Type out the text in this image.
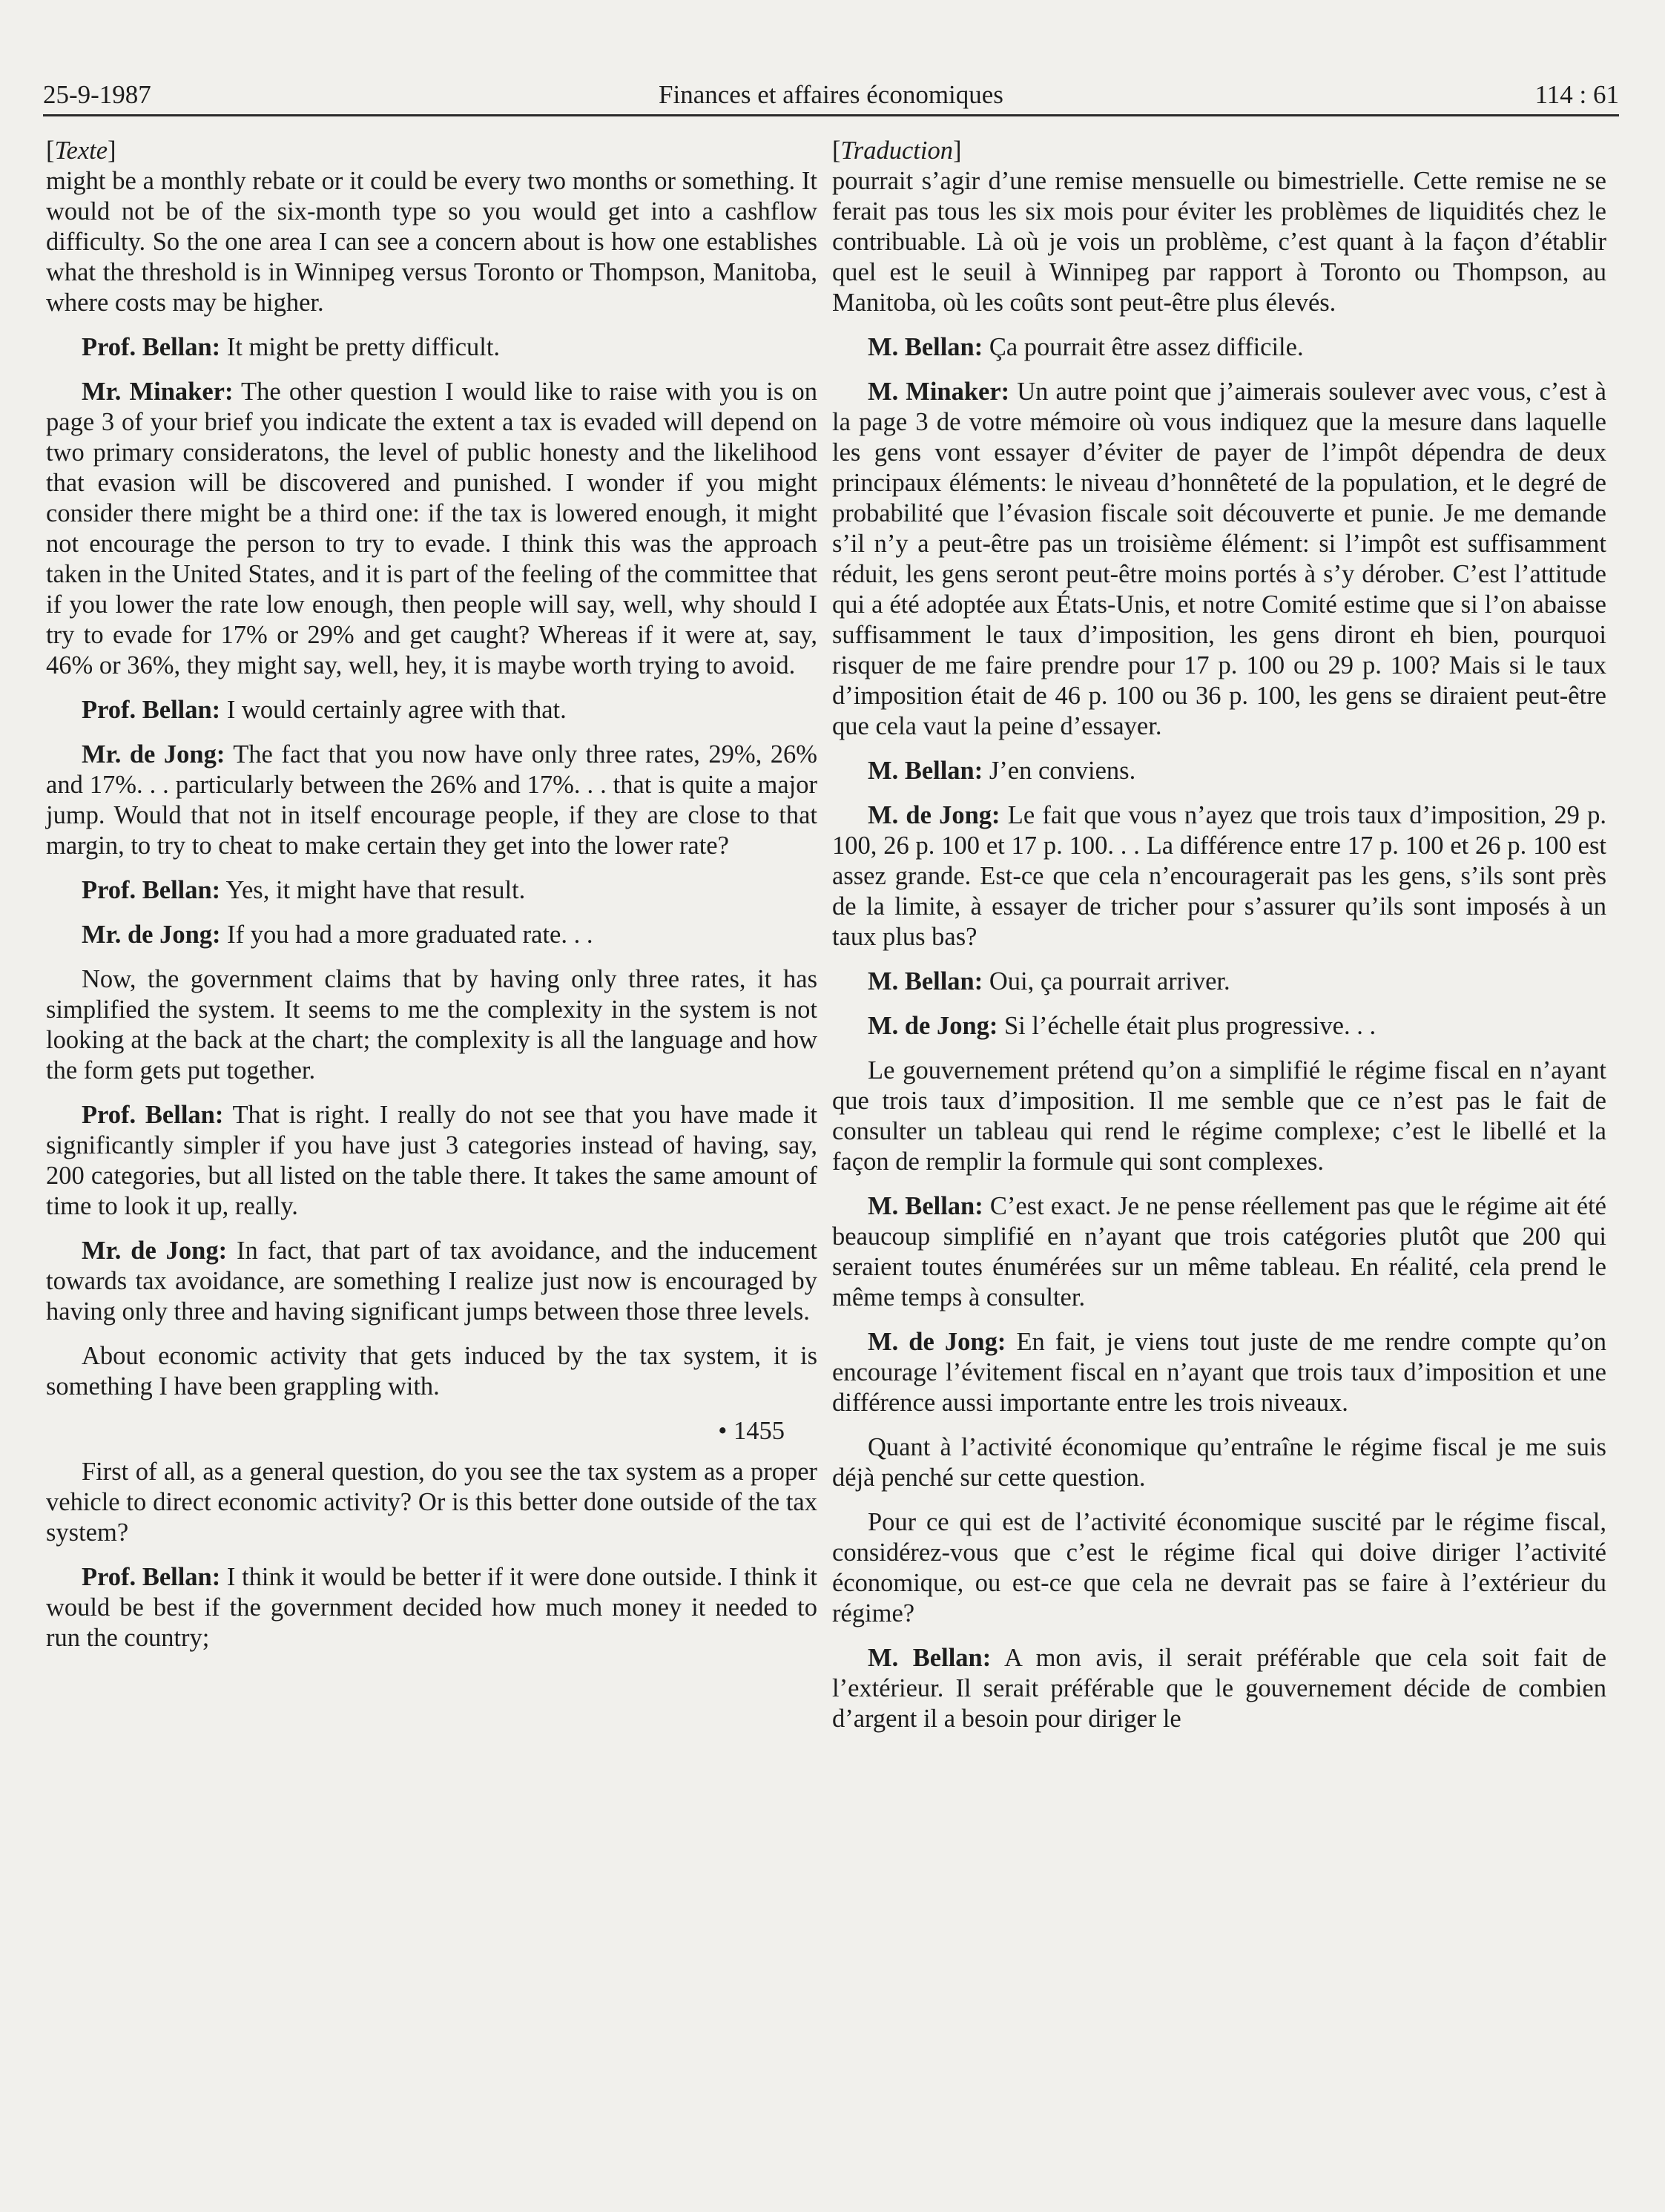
25-9-1987	Finances et affaires économiques	114 : 61

[Texte]

might be a monthly rebate or it could be every two months or something. It would not be of the six-month type so you would get into a cashflow difficulty. So the one area I can see a concern about is how one establishes what the threshold is in Winnipeg versus Toronto or Thompson, Manitoba, where costs may be higher.

Prof. Bellan: It might be pretty difficult.

Mr. Minaker: The other question I would like to raise with you is on page 3 of your brief you indicate the extent a tax is evaded will depend on two primary consideratons, the level of public honesty and the likelihood that evasion will be discovered and punished. I wonder if you might consider there might be a third one: if the tax is lowered enough, it might not encourage the person to try to evade. I think this was the approach taken in the United States, and it is part of the feeling of the committee that if you lower the rate low enough, then people will say, well, why should I try to evade for 17% or 29% and get caught? Whereas if it were at, say, 46% or 36%, they might say, well, hey, it is maybe worth trying to avoid.

Prof. Bellan: I would certainly agree with that.

Mr. de Jong: The fact that you now have only three rates, 29%, 26% and 17%. . . particularly between the 26% and 17%. . . that is quite a major jump. Would that not in itself encourage people, if they are close to that margin, to try to cheat to make certain they get into the lower rate?

Prof. Bellan: Yes, it might have that result.

Mr. de Jong: If you had a more graduated rate. . .

Now, the government claims that by having only three rates, it has simplified the system. It seems to me the complexity in the system is not looking at the back at the chart; the complexity is all the language and how the form gets put together.

Prof. Bellan: That is right. I really do not see that you have made it significantly simpler if you have just 3 categories instead of having, say, 200 categories, but all listed on the table there. It takes the same amount of time to look it up, really.

Mr. de Jong: In fact, that part of tax avoidance, and the inducement towards tax avoidance, are something I realize just now is encouraged by having only three and having significant jumps between those three levels.

About economic activity that gets induced by the tax system, it is something I have been grappling with.

• 1455

First of all, as a general question, do you see the tax system as a proper vehicle to direct economic activity? Or is this better done outside of the tax system?

Prof. Bellan: I think it would be better if it were done outside. I think it would be best if the government decided how much money it needed to run the country;

[Traduction]

pourrait s’agir d’une remise mensuelle ou bimestrielle. Cette remise ne se ferait pas tous les six mois pour éviter les problèmes de liquidités chez le contribuable. Là où je vois un problème, c’est quant à la façon d’établir quel est le seuil à Winnipeg par rapport à Toronto ou Thompson, au Manitoba, où les coûts sont peut-être plus élevés.

M. Bellan: Ça pourrait être assez difficile.

M. Minaker: Un autre point que j’aimerais soulever avec vous, c’est à la page 3 de votre mémoire où vous indiquez que la mesure dans laquelle les gens vont essayer d’éviter de payer de l’impôt dépendra de deux principaux éléments: le niveau d’honnêteté de la population, et le degré de probabilité que l’évasion fiscale soit découverte et punie. Je me demande s’il n’y a peut-être pas un troisième élément: si l’impôt est suffisamment réduit, les gens seront peut-être moins portés à s’y dérober. C’est l’attitude qui a été adoptée aux États-Unis, et notre Comité estime que si l’on abaisse suffisamment le taux d’imposition, les gens diront eh bien, pourquoi risquer de me faire prendre pour 17 p. 100 ou 29 p. 100? Mais si le taux d’imposition était de 46 p. 100 ou 36 p. 100, les gens se diraient peut-être que cela vaut la peine d’essayer.

M. Bellan: J’en conviens.

M. de Jong: Le fait que vous n’ayez que trois taux d’imposition, 29 p. 100, 26 p. 100 et 17 p. 100. . . La différence entre 17 p. 100 et 26 p. 100 est assez grande. Est-ce que cela n’encouragerait pas les gens, s’ils sont près de la limite, à essayer de tricher pour s’assurer qu’ils sont imposés à un taux plus bas?

M. Bellan: Oui, ça pourrait arriver.

M. de Jong: Si l’échelle était plus progressive. . .

Le gouvernement prétend qu’on a simplifié le régime fiscal en n’ayant que trois taux d’imposition. Il me semble que ce n’est pas le fait de consulter un tableau qui rend le régime complexe; c’est le libellé et la façon de remplir la formule qui sont complexes.

M. Bellan: C’est exact. Je ne pense réellement pas que le régime ait été beaucoup simplifié en n’ayant que trois catégories plutôt que 200 qui seraient toutes énumérées sur un même tableau. En réalité, cela prend le même temps à consulter.

M. de Jong: En fait, je viens tout juste de me rendre compte qu’on encourage l’évitement fiscal en n’ayant que trois taux d’imposition et une différence aussi importante entre les trois niveaux.

Quant à l’activité économique qu’entraîne le régime fiscal je me suis déjà penché sur cette question.

Pour ce qui est de l’activité économique suscité par le régime fiscal, considérez-vous que c’est le régime fical qui doive diriger l’activité économique, ou est-ce que cela ne devrait pas se faire à l’extérieur du régime?

M. Bellan: A mon avis, il serait préférable que cela soit fait de l’extérieur. Il serait préférable que le gouvernement décide de combien d’argent il a besoin pour diriger le
